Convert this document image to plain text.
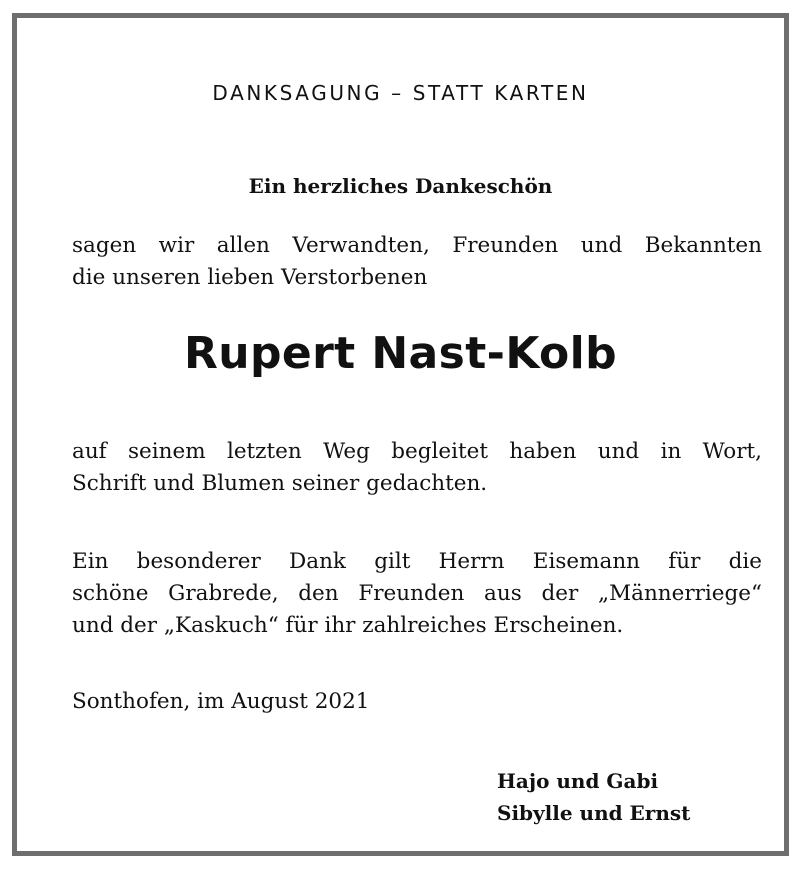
DANKSAGUNG – STATT KARTEN
Ein herzliches Dankeschön
sagen wir allen Verwandten, Freunden und Bekannten
die unseren lieben Verstorbenen
Rupert Nast-Kolb
auf seinem letzten Weg begleitet haben und in Wort,
Schrift und Blumen seiner gedachten.
Ein besonderer Dank gilt Herrn Eisemann für die
schöne Grabrede, den Freunden aus der „Männerriege“
und der „Kaskuch“ für ihr zahlreiches Erscheinen.
Sonthofen, im August 2021
Hajo und Gabi
Sibylle und Ernst
